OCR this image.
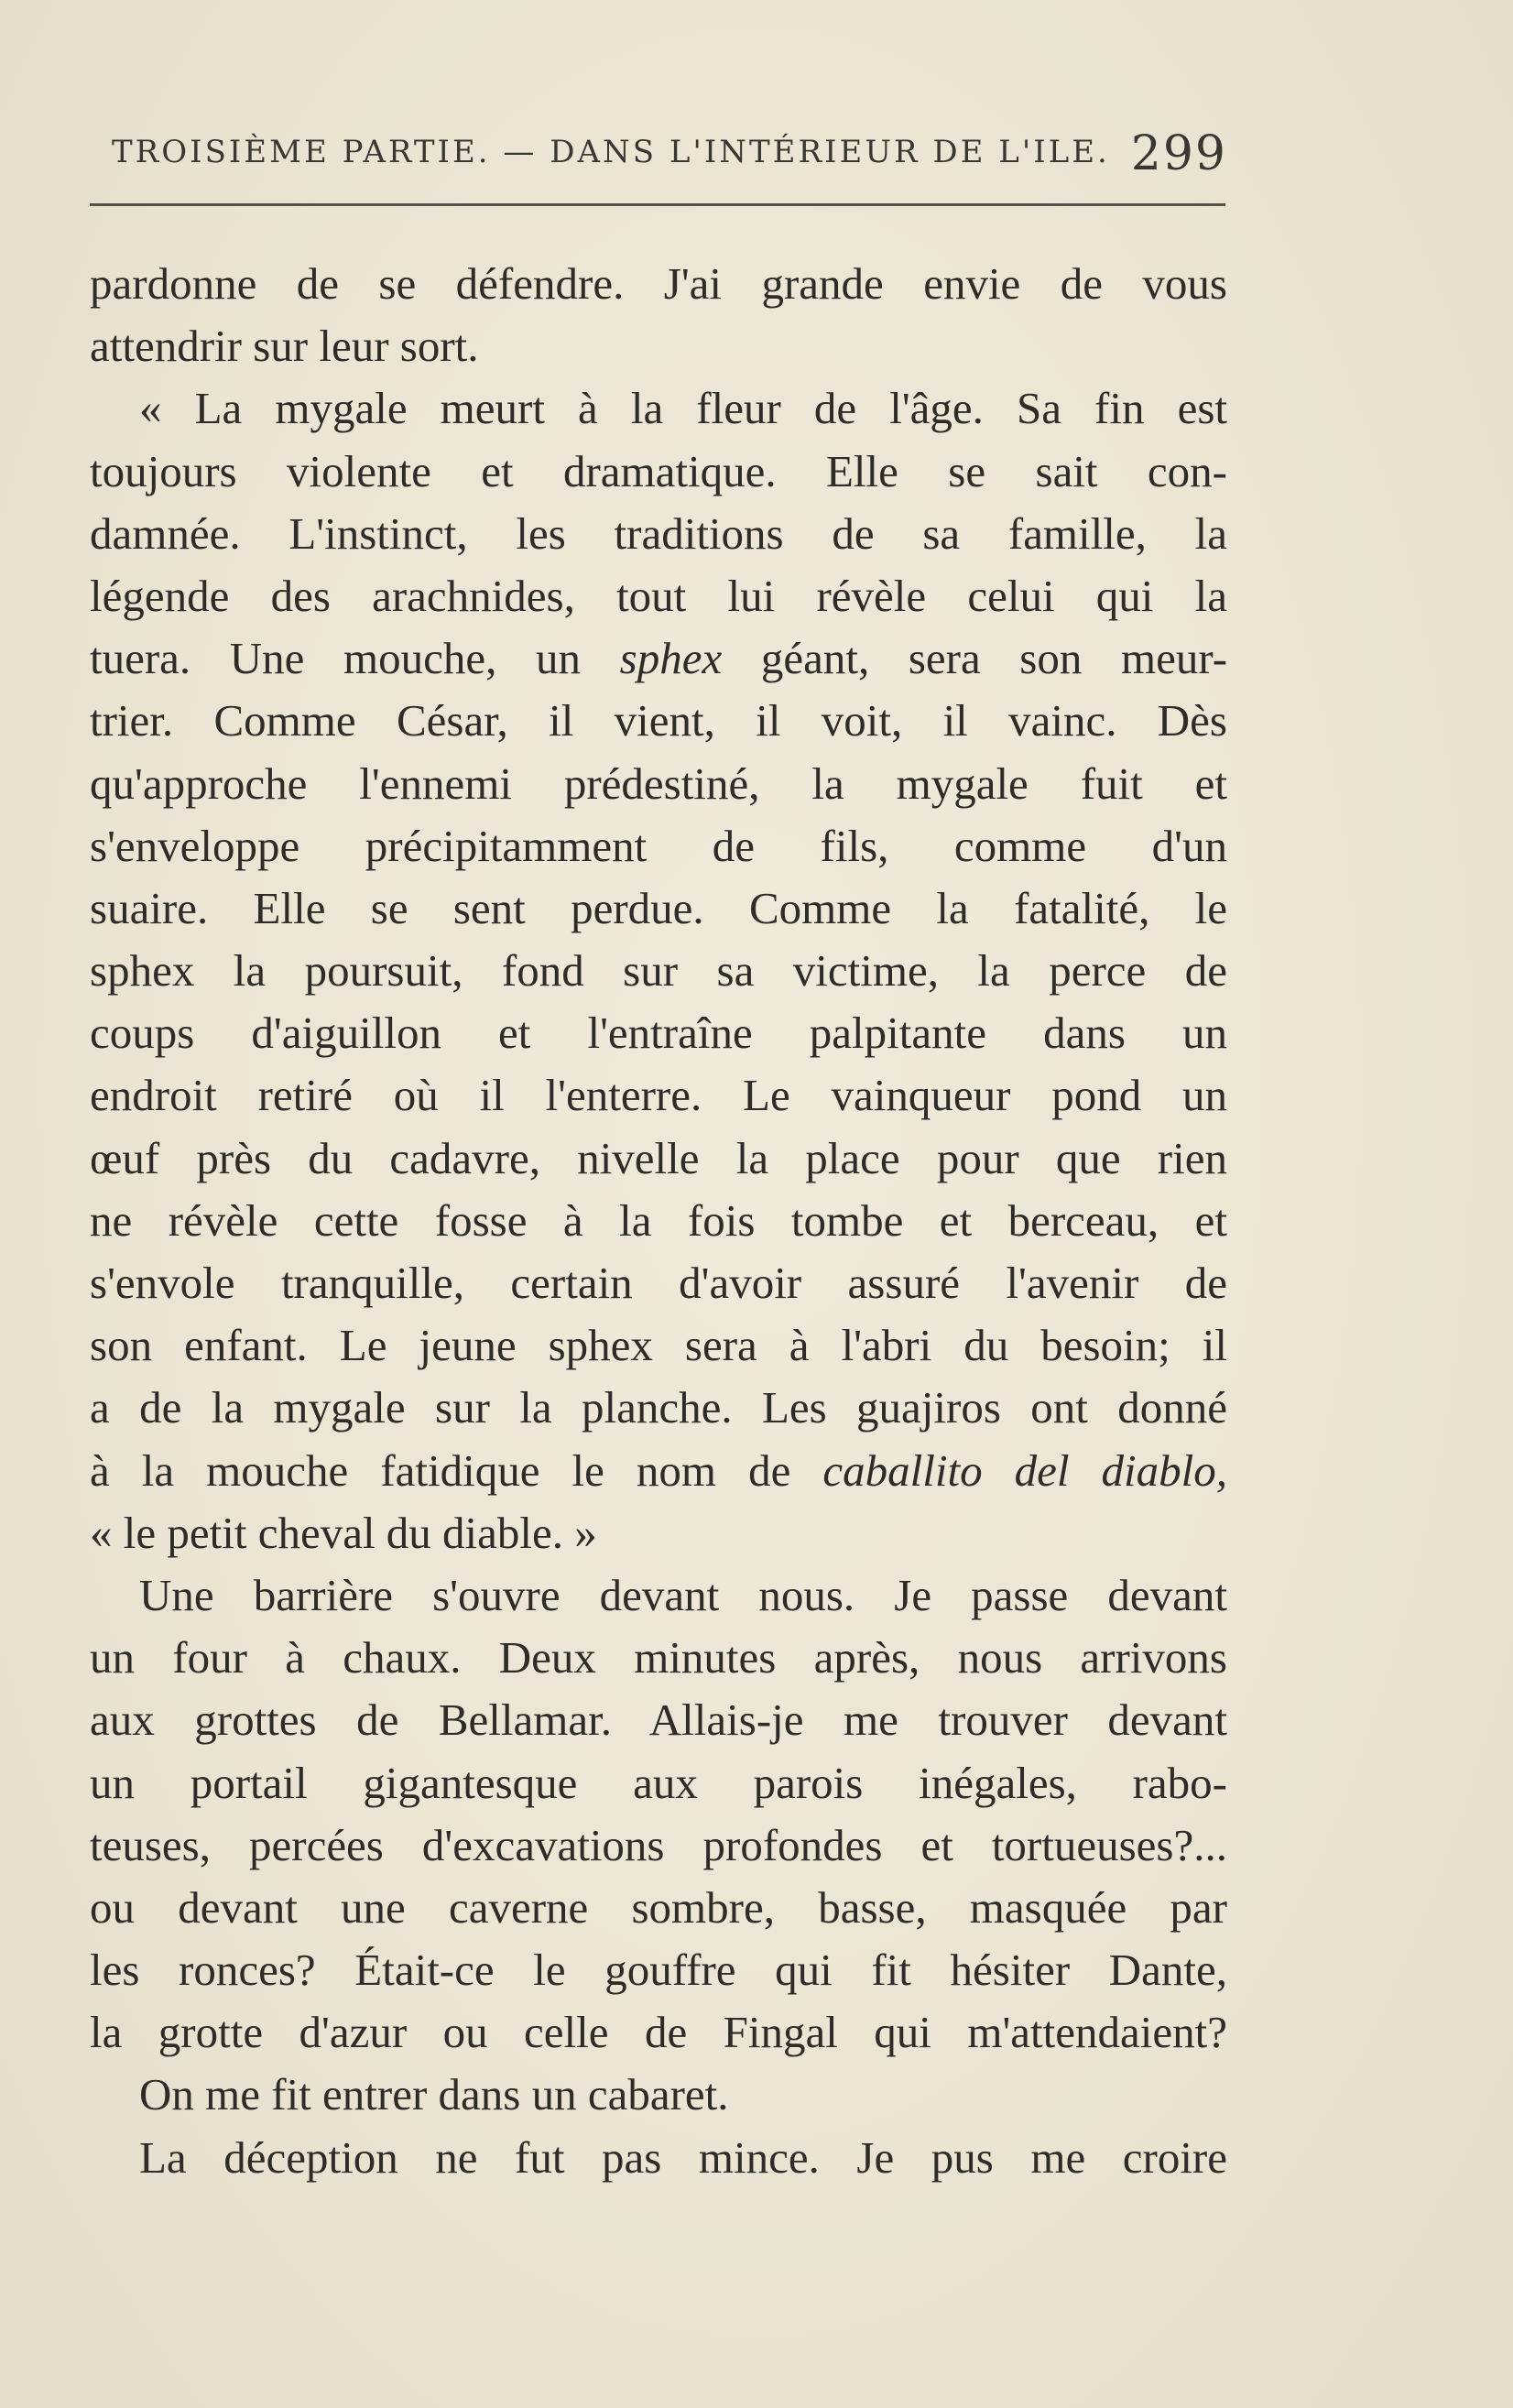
TROISIÈME PARTIE. — DANS L'INTÉRIEUR DE L'ILE. 299
pardonne de se défendre. J'ai grande envie de vous
attendrir sur leur sort.
« La mygale meurt à la fleur de l'âge. Sa fin est
toujours violente et dramatique. Elle se sait con-
damnée. L'instinct, les traditions de sa famille, la
légende des arachnides, tout lui révèle celui qui la
tuera. Une mouche, un sphex géant, sera son meur-
trier. Comme César, il vient, il voit, il vainc. Dès
qu'approche l'ennemi prédestiné, la mygale fuit et
s'enveloppe précipitamment de fils, comme d'un
suaire. Elle se sent perdue. Comme la fatalité, le
sphex la poursuit, fond sur sa victime, la perce de
coups d'aiguillon et l'entraîne palpitante dans un
endroit retiré où il l'enterre. Le vainqueur pond un
œuf près du cadavre, nivelle la place pour que rien
ne révèle cette fosse à la fois tombe et berceau, et
s'envole tranquille, certain d'avoir assuré l'avenir de
son enfant. Le jeune sphex sera à l'abri du besoin; il
a de la mygale sur la planche. Les guajiros ont donné
à la mouche fatidique le nom de caballito del diablo,
« le petit cheval du diable. »
Une barrière s'ouvre devant nous. Je passe devant
un four à chaux. Deux minutes après, nous arrivons
aux grottes de Bellamar. Allais-je me trouver devant
un portail gigantesque aux parois inégales, rabo-
teuses, percées d'excavations profondes et tortueuses?...
ou devant une caverne sombre, basse, masquée par
les ronces? Était-ce le gouffre qui fit hésiter Dante,
la grotte d'azur ou celle de Fingal qui m'attendaient?
On me fit entrer dans un cabaret.
La déception ne fut pas mince. Je pus me croire
